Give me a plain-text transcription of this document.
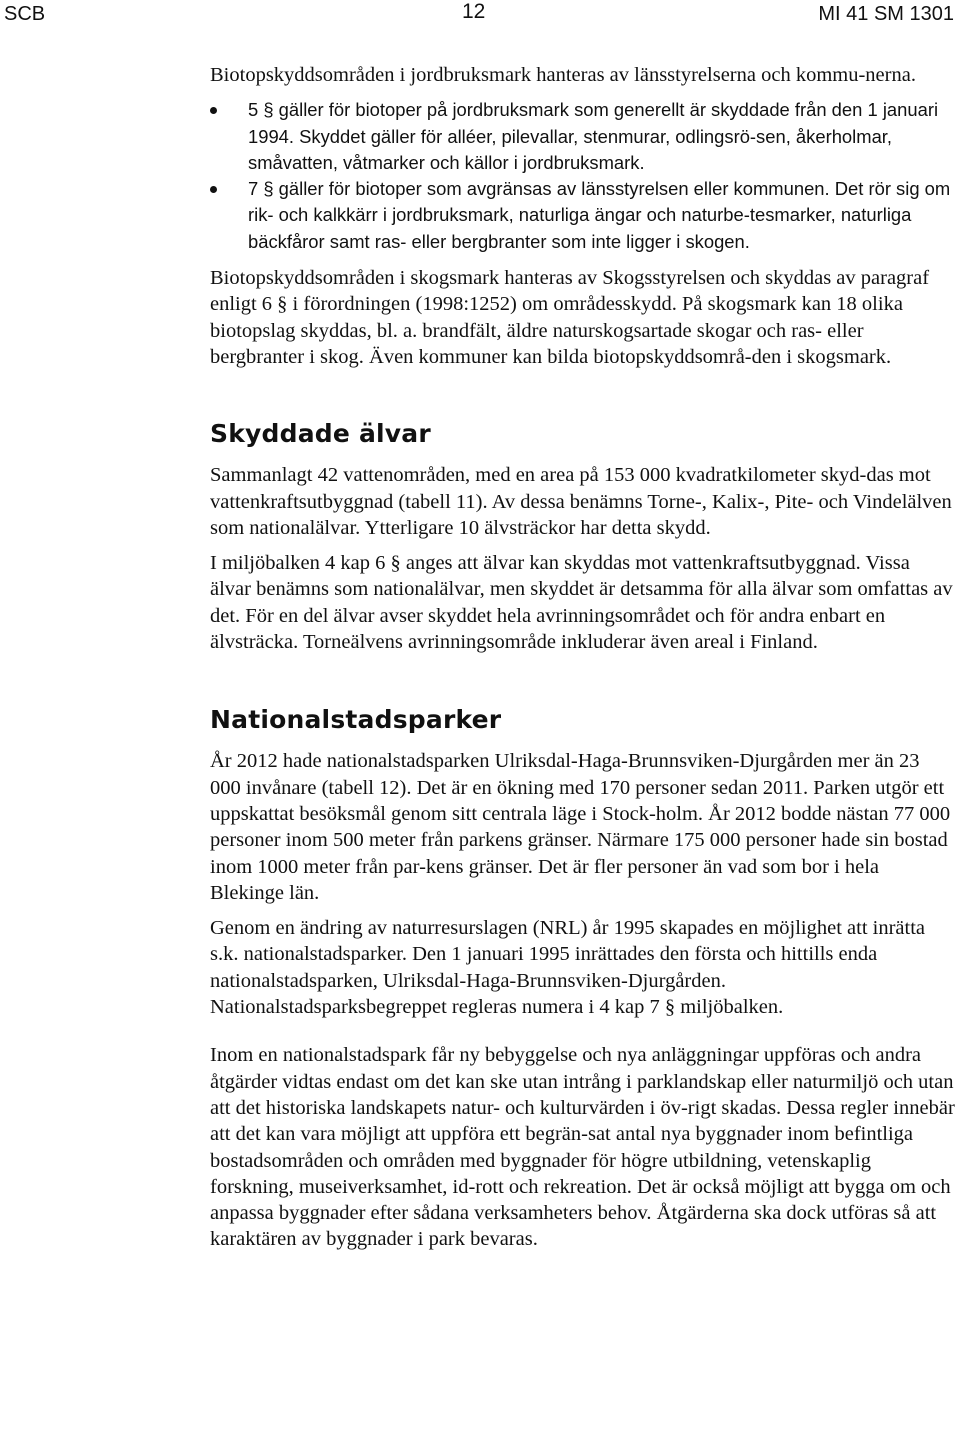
SCB	12	MI 41 SM 1301

Biotopskyddsområden i jordbruksmark hanteras av länsstyrelserna och kommu-nerna.

5 § gäller för biotoper på jordbruksmark som generellt är skyddade från den 1 januari 1994. Skyddet gäller för alléer, pilevallar, stenmurar, odlingsrö-sen, åkerholmar, småvatten, våtmarker och källor i jordbruksmark.
7 § gäller för biotoper som avgränsas av länsstyrelsen eller kommunen. Det rör sig om rik- och kalkkärr i jordbruksmark, naturliga ängar och naturbe-tesmarker, naturliga bäckfåror samt ras- eller bergbranter som inte ligger i skogen.

Biotopskyddsområden i skogsmark hanteras av Skogsstyrelsen och skyddas av paragraf enligt 6 § i förordningen (1998:1252) om områdesskydd. På skogsmark kan 18 olika biotopslag skyddas, bl. a. brandfält, äldre naturskogsartade skogar och ras- eller bergbranter i skog. Även kommuner kan bilda biotopskyddsområ-den i skogsmark.

Skyddade älvar

Sammanlagt 42 vattenområden, med en area på 153 000 kvadratkilometer skyd-das mot vattenkraftsutbyggnad (tabell 11). Av dessa benämns Torne-, Kalix-, Pite- och Vindelälven som nationalälvar. Ytterligare 10 älvsträckor har detta skydd.

I miljöbalken 4 kap 6 § anges att älvar kan skyddas mot vattenkraftsutbyggnad. Vissa älvar benämns som nationalälvar, men skyddet är detsamma för alla älvar som omfattas av det. För en del älvar avser skyddet hela avrinningsområdet och för andra enbart en älvsträcka. Torneälvens avrinningsområde inkluderar även areal i Finland.

Nationalstadsparker

År 2012 hade nationalstadsparken Ulriksdal-Haga-Brunnsviken-Djurgården mer än 23 000 invånare (tabell 12). Det är en ökning med 170 personer sedan 2011. Parken utgör ett uppskattat besöksmål genom sitt centrala läge i Stock-holm. År 2012 bodde nästan 77 000 personer inom 500 meter från parkens gränser. Närmare 175 000 personer hade sin bostad inom 1000 meter från par-kens gränser. Det är fler personer än vad som bor i hela Blekinge län.

Genom en ändring av naturresurslagen (NRL) år 1995 skapades en möjlighet att inrätta s.k. nationalstadsparker. Den 1 januari 1995 inrättades den första och hittills enda nationalstadsparken, Ulriksdal-Haga-Brunnsviken-Djurgården. Nationalstadsparksbegreppet regleras numera i 4 kap 7 § miljöbalken.

Inom en nationalstadspark får ny bebyggelse och nya anläggningar uppföras och andra åtgärder vidtas endast om det kan ske utan intrång i parklandskap eller naturmiljö och utan att det historiska landskapets natur- och kulturvärden i öv-rigt skadas. Dessa regler innebär att det kan vara möjligt att uppföra ett begrän-sat antal nya byggnader inom befintliga bostadsområden och områden med byggnader för högre utbildning, vetenskaplig forskning, museiverksamhet, id-rott och rekreation. Det är också möjligt att bygga om och anpassa byggnader efter sådana verksamheters behov. Åtgärderna ska dock utföras så att karaktären av byggnader i park bevaras.
